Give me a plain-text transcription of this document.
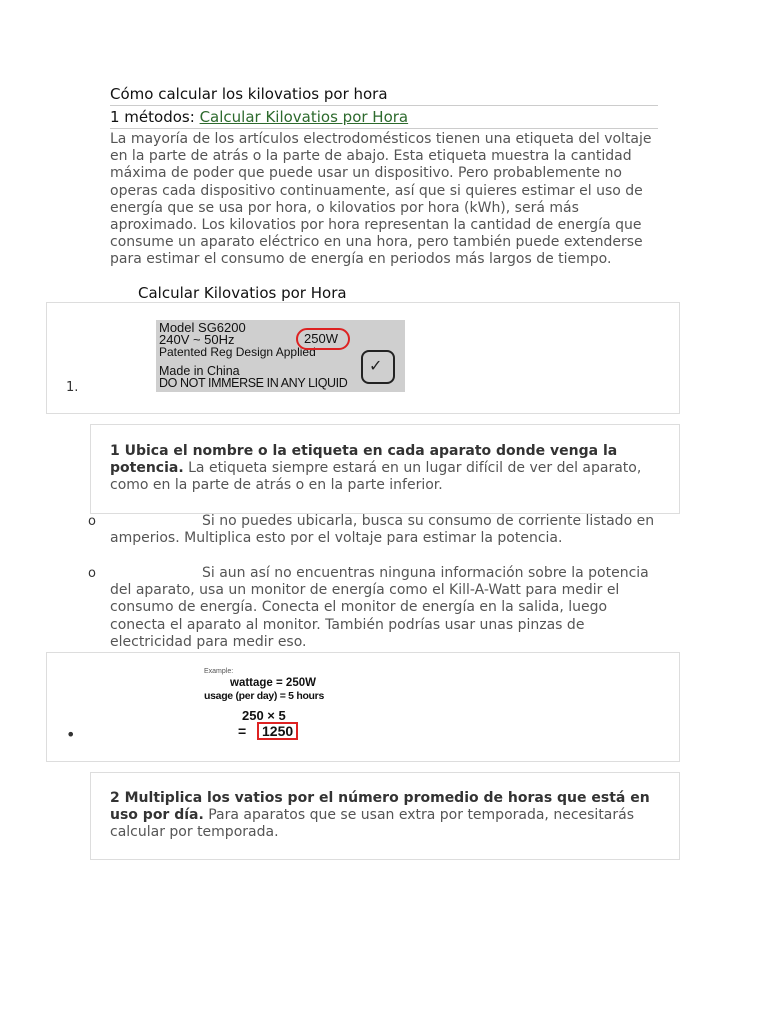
Cómo calcular los kilovatios por hora
1 métodos: Calcular Kilovatios por Hora
La mayoría de los artículos electrodomésticos tienen una etiqueta del voltaje en la parte de atrás o la parte de abajo. Esta etiqueta muestra la cantidad máxima de poder que puede usar un dispositivo. Pero probablemente no operas cada dispositivo continuamente, así que si quieres estimar el uso de energía que se usa por hora, o kilovatios por hora (kWh), será más aproximado. Los kilovatios por hora representan la cantidad de energía que consume un aparato eléctrico en una hora, pero también puede extenderse para estimar el consumo de energía en periodos más largos de tiempo.
Calcular Kilovatios por Hora
1.
Model SG6200
240V ~ 50Hz
Patented Reg Design Applied
Made in China
DO NOT IMMERSE IN ANY LIQUID
250W
✓
1 Ubica el nombre o la etiqueta en cada aparato donde venga la potencia. La etiqueta siempre estará en un lugar difícil de ver del aparato, como en la parte de atrás o en la parte inferior.
o	Si no puedes ubicarla, busca su consumo de corriente listado en amperios. Multiplica esto por el voltaje para estimar la potencia.
o	Si aun así no encuentras ninguna información sobre la potencia del aparato, usa un monitor de energía como el Kill-A-Watt para medir el consumo de energía. Conecta el monitor de energía en la salida, luego conecta el aparato al monitor. También podrías usar unas pinzas de electricidad para medir eso.
•
Example:
wattage = 250W
usage (per day) = 5 hours
250 × 5
=	1250
2 Multiplica los vatios por el número promedio de horas que está en uso por día. Para aparatos que se usan extra por temporada, necesitarás calcular por temporada.
